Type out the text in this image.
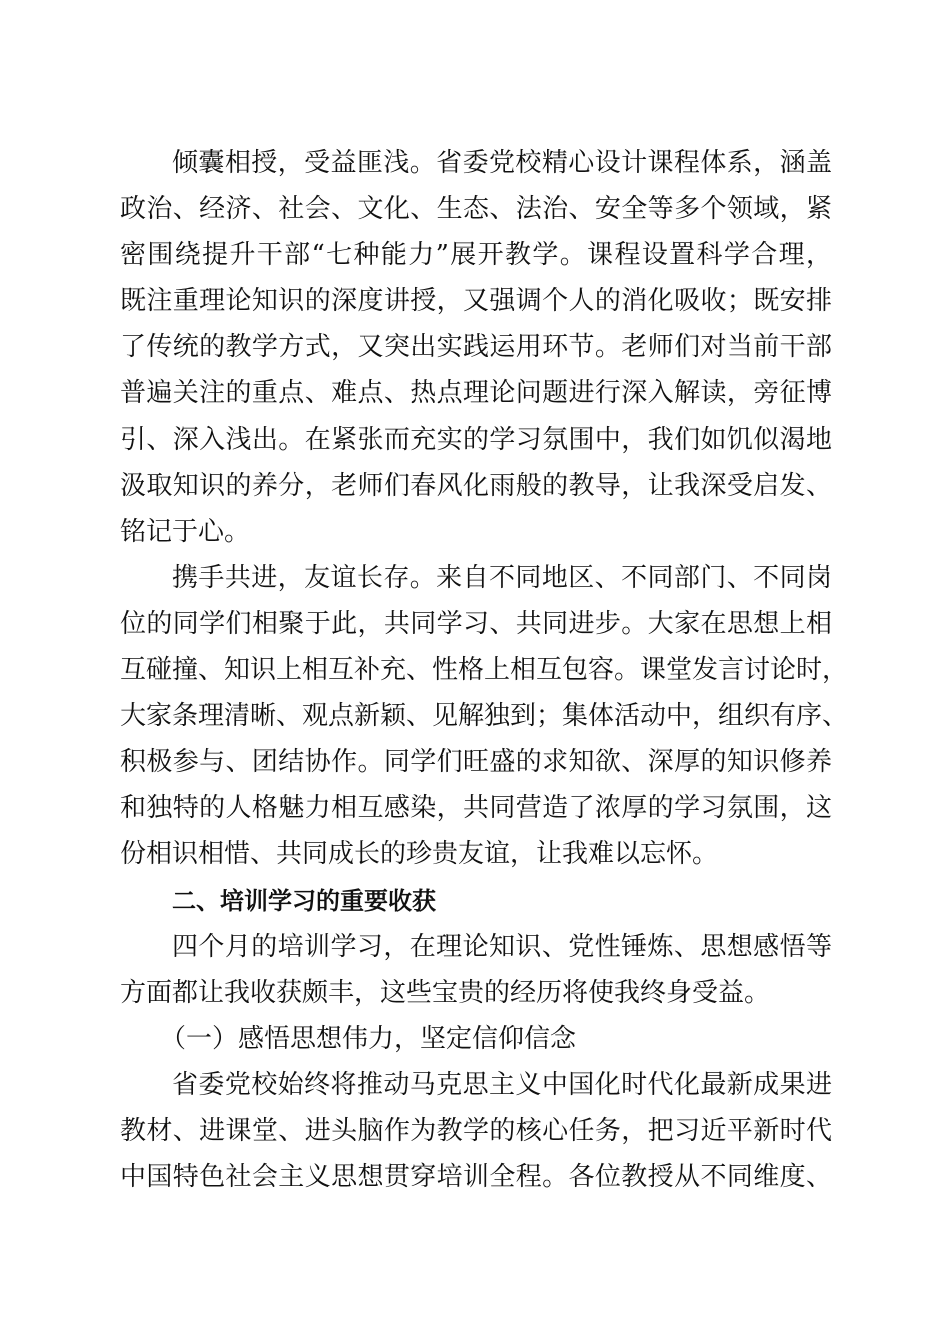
倾囊相授，受益匪浅。省委党校精心设计课程体系，涵盖
政治、经济、社会、文化、生态、法治、安全等多个领域，紧
密围绕提升干部“七种能力”展开教学。课程设置科学合理，
既注重理论知识的深度讲授，又强调个人的消化吸收；既安排
了传统的教学方式，又突出实践运用环节。老师们对当前干部
普遍关注的重点、难点、热点理论问题进行深入解读，旁征博
引、深入浅出。在紧张而充实的学习氛围中，我们如饥似渴地
汲取知识的养分，老师们春风化雨般的教导，让我深受启发、
铭记于心。
携手共进，友谊长存。来自不同地区、不同部门、不同岗
位的同学们相聚于此，共同学习、共同进步。大家在思想上相
互碰撞、知识上相互补充、性格上相互包容。课堂发言讨论时，
大家条理清晰、观点新颖、见解独到；集体活动中，组织有序、
积极参与、团结协作。同学们旺盛的求知欲、深厚的知识修养
和独特的人格魅力相互感染，共同营造了浓厚的学习氛围，这
份相识相惜、共同成长的珍贵友谊，让我难以忘怀。
二、培训学习的重要收获
四个月的培训学习，在理论知识、党性锤炼、思想感悟等
方面都让我收获颇丰，这些宝贵的经历将使我终身受益。
（一）感悟思想伟力，坚定信仰信念
省委党校始终将推动马克思主义中国化时代化最新成果进
教材、进课堂、进头脑作为教学的核心任务，把习近平新时代
中国特色社会主义思想贯穿培训全程。各位教授从不同维度、
